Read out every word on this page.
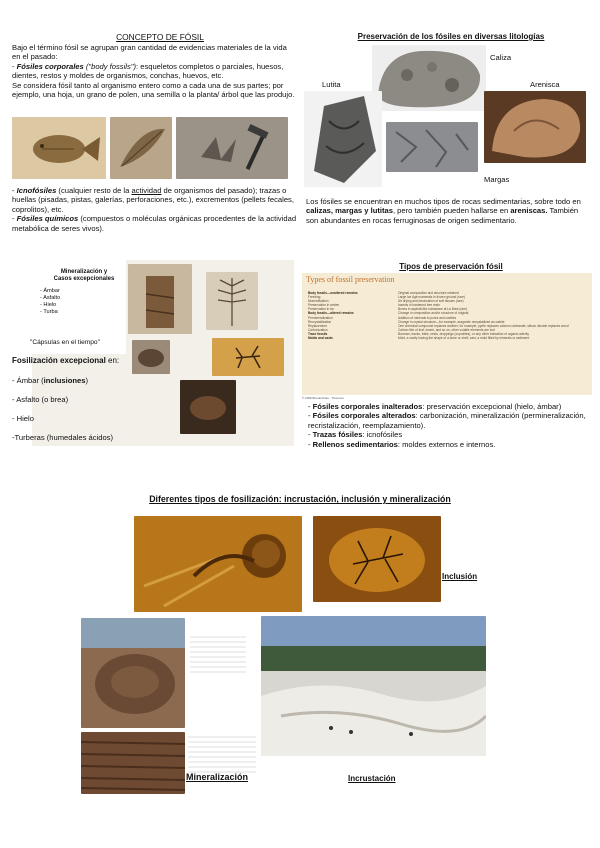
CONCEPTO DE FÓSIL
Bajo el término fósil se agrupan gran cantidad de evidencias materiales de la vida en el pasado:
- Fósiles corporales ("body fossils"): esqueletos completos o parciales, huesos, dientes, restos y moldes de organismos, conchas, huevos, etc.
Se considera fósil tanto al organismo entero como a cada una de sus partes; por ejemplo, una hoja, un grano de polen, una semilla o la planta/ árbol que las produjo.
- Icnofósiles (cualquier resto de la actividad de organismos del pasado); trazas o huellas (pisadas, pistas, galerías, perforaciones, etc.), excrementos (pellets fecales, coprolitos), etc.
- Fósiles químicos (compuestos o moléculas orgánicas procedentes de la actividad metabólica de seres vivos).
Preservación de los fósiles en diversas litologías
Caliza
Lutita	Arenisca
Margas
Los fósiles se encuentran en muchos tipos de rocas sedimentarias, sobre todo en calizas, margas y lutitas, pero también pueden hallarse en areniscas. También son abundantes en rocas ferruginosas de origen sedimentario.
Mineralización y
Casos excepcionales
- Ámbar
- Asfalto
- Hielo
- Turba
"Cápsulas en el tiempo"
Fosilización excepcional en:
- Ámbar (inclusiones)
- Asfalto (o brea)
- Hielo
-Turberas (humedales ácidos)
Tipos de preservación fósil
Types of fossil preservation
Body fossils—unaltered remains	Original composition and structure retained
Freezing	Large Ice Age mammals in frozen ground (rare)
Mummification	Air drying and desiccation of soft tissues (rare)
Preservation in amber	Insects in hardened tree resin
Preservation in tar	Bones in asphalt-like substance at La Brea (rare)
Body fossils—altered remains	Change in composition and/or structure of original
Permineralization	Addition of minerals to pores and cavities
Recrystallization	Change in crystal structure—for example, aragonite recrystallized as calcite
Replacement	One chemical compound replaces another; for example, pyrite replaces calcium carbonate, silicon dioxide replaces wood
Carbonization	Carbon film of leaf, insect, and so on, other volatile elements are lost
Trace fossils	Burrows, tracks, trails, nests, droppings (coprolites), or any other indication of organic activity
Molds and casts	Mold, a cavity having the shape of a bone or shell; cast, a mold filled by minerals or sediment
© 2006 Brooks/Cole - Thomson
- Fósiles corporales inalterados: preservación excepcional (hielo, ámbar)
- Fósiles corporales alterados: carbonización, mineralización (permineralización, recristalización, reemplazamiento).
- Trazas fósiles: icnofósiles
- Rellenos sedimentarios: moldes externos e internos.
Diferentes tipos de fosilización: incrustación, inclusión y mineralización
Inclusión
Mineralización	Incrustación
